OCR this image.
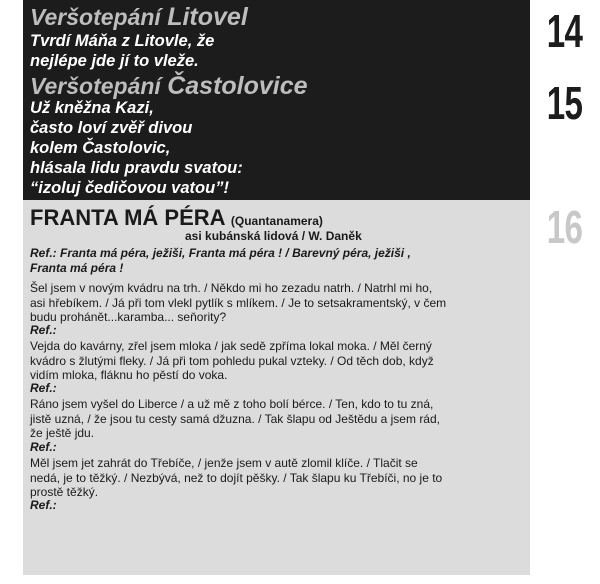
14
15
16
Veršotepání Litovel
Tvrdí Máňa z Litovle, že
nejlépe jde jí to vleže.
Veršotepání Častolovice
Už kněžna Kazi,
často loví zvěř divou
kolem Častolovic,
hlásala lidu pravdu svatou:
“izoluj čedičovou vatou”!
FRANTA MÁ PÉRA (Quantanamera)
asi kubánská lidová / W. Daněk
Ref.: Franta má péra, ježiši, Franta má péra ! / Barevný péra, ježiši ,
Franta má péra !
Šel jsem v novým kvádru na trh. / Někdo mi ho zezadu natrh. / Natrhl mi ho,
asi hřebíkem. / Já při tom vlekl pytlík s mlíkem. / Je to setsakramentský, v čem
budu prohánět...karamba... seňority?
Ref.:
Vejda do kavárny, zřel jsem mloka / jak sedě zpříma lokal moka. / Měl černý
kvádro s žlutými fleky. / Já při tom pohledu pukal vzteky. / Od těch dob, když
vidím mloka, fláknu ho pěstí do voka.
Ref.:
Ráno jsem vyšel do Liberce / a už mě z toho bolí bérce. / Ten, kdo to tu zná,
jistě uzná, / že jsou tu cesty samá džuzna. / Tak šlapu od Ještědu a jsem rád,
že ještě jdu.
Ref.:
Měl jsem jet zahrát do Třebíče, / jenže jsem v autě zlomil klíče. / Tlačit se
nedá, je to těžký. / Nezbývá, než to dojít pěšky. / Tak šlapu ku Třebíči, no je to
prostě těžký.
Ref.:
